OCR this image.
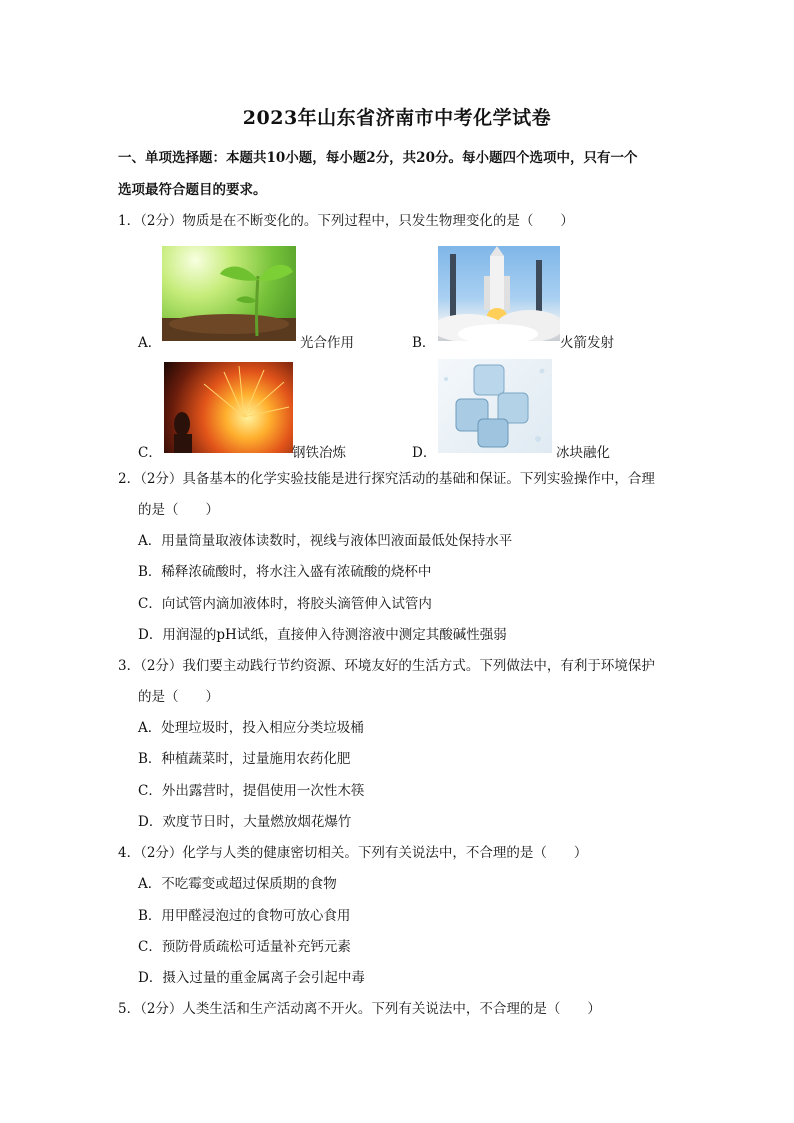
2023年山东省济南市中考化学试卷
一、单项选择题：本题共10小题，每小题2分，共20分。每小题四个选项中，只有一个
选项最符合题目的要求。
1．（2分）物质是在不断变化的。下列过程中，只发生物理变化的是（　　）
A．	光合作用	B．	火箭发射
C．	钢铁冶炼	D．	冰块融化
2．（2分）具备基本的化学实验技能是进行探究活动的基础和保证。下列实验操作中，合理
的是（　　）
A．用量筒量取液体读数时，视线与液体凹液面最低处保持水平
B．稀释浓硫酸时，将水注入盛有浓硫酸的烧杯中
C．向试管内滴加液体时，将胶头滴管伸入试管内
D．用润湿的pH试纸，直接伸入待测溶液中测定其酸碱性强弱
3．（2分）我们要主动践行节约资源、环境友好的生活方式。下列做法中，有利于环境保护
的是（　　）
A．处理垃圾时，投入相应分类垃圾桶
B．种植蔬菜时，过量施用农药化肥
C．外出露营时，提倡使用一次性木筷
D．欢度节日时，大量燃放烟花爆竹
4．（2分）化学与人类的健康密切相关。下列有关说法中，不合理的是（　　）
A．不吃霉变或超过保质期的食物
B．用甲醛浸泡过的食物可放心食用
C．预防骨质疏松可适量补充钙元素
D．摄入过量的重金属离子会引起中毒
5．（2分）人类生活和生产活动离不开火。下列有关说法中，不合理的是（　　）
